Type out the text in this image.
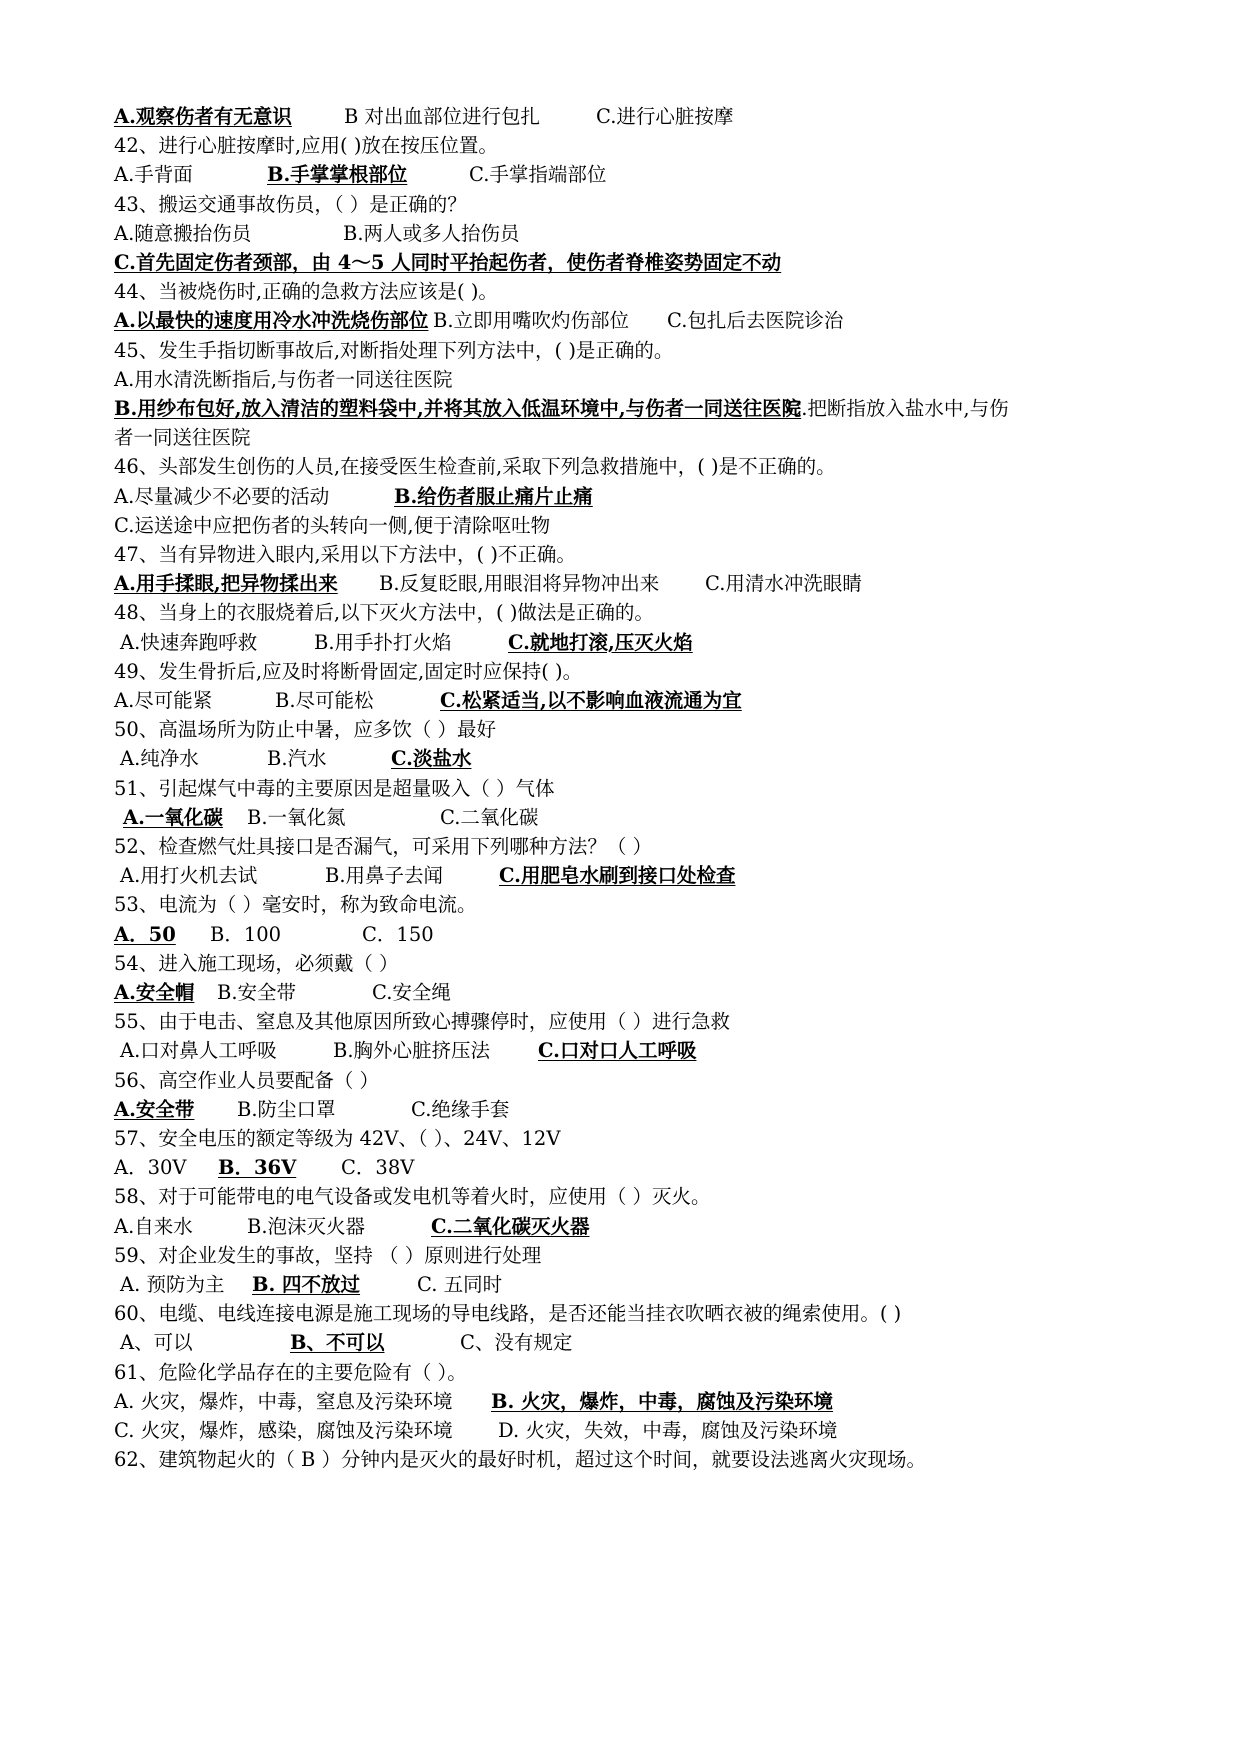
A.观察伤者有无意识	B 对出血部位进行包扎	C.进行心脏按摩
42、进行心脏按摩时,应用( )放在按压位置。
A.手背面	B.手掌掌根部位	C.手掌指端部位
43、搬运交通事故伤员，（ ）是正确的？
A.随意搬抬伤员	B.两人或多人抬伤员
C.首先固定伤者颈部，由 4～5 人同时平抬起伤者，使伤者脊椎姿势固定不动
44、当被烧伤时,正确的急救方法应该是( )。
A.以最快的速度用冷水冲洗烧伤部位 B.立即用嘴吹灼伤部位 C.包扎后去医院诊治
45、发生手指切断事故后,对断指处理下列方法中，( )是正确的。
A.用水清洗断指后,与伤者一同送往医院
B.用纱布包好,放入清洁的塑料袋中,并将其放入低温环境中,与伤者一同送往医院
C.把断指放入盐水中,与伤
者一同送往医院
46、头部发生创伤的人员,在接受医生检查前,采取下列急救措施中，( )是不正确的。
A.尽量减少不必要的活动	B.给伤者服止痛片止痛
C.运送途中应把伤者的头转向一侧,便于清除呕吐物
47、当有异物进入眼内,采用以下方法中，( )不正确。
A.用手揉眼,把异物揉出来 B.反复眨眼,用眼泪将异物冲出来 C.用清水冲洗眼睛
48、当身上的衣服烧着后,以下灭火方法中，( )做法是正确的。
A.快速奔跑呼救	B.用手扑打火焰	C.就地打滚,压灭火焰
49、发生骨折后,应及时将断骨固定,固定时应保持( )。
A.尽可能紧	B.尽可能松	C.松紧适当,以不影响血液流通为宜
50、高温场所为防止中暑，应多饮（ ）最好
A.纯净水	B.汽水	C.淡盐水
51、引起煤气中毒的主要原因是超量吸入（ ）气体
A.一氧化碳 B.一氧化氮	C.二氧化碳
52、检查燃气灶具接口是否漏气，可采用下列哪种方法？（ ）
A.用打火机去试	B.用鼻子去闻	C.用肥皂水刷到接口处检查
53、电流为（ ）毫安时，称为致命电流。
A．50 B．100	C．150
54、进入施工现场，必须戴（ ）
A.安全帽 B.安全带	C.安全绳
55、由于电击、窒息及其他原因所致心搏骤停时，应使用（ ）进行急救
A.口对鼻人工呼吸	B.胸外心脏挤压法 C.口对口人工呼吸
56、高空作业人员要配备（ ）
A.安全带 B.防尘口罩	C.绝缘手套
57、安全电压的额定等级为 42V、（ ）、24V、12V
A．30V B．36V C．38V
58、对于可能带电的电气设备或发电机等着火时，应使用（ ）灭火。
A.自来水	B.泡沫灭火器	C.二氧化碳灭火器
59、对企业发生的事故，坚持 （ ）原则进行处理
A. 预防为主 B. 四不放过	C. 五同时
60、电缆、电线连接电源是施工现场的导电线路，是否还能当挂衣吹晒衣被的绳索使用。( )
A、可以	B、不可以	C、没有规定
61、危险化学品存在的主要危险有（ ）。
A. 火灾，爆炸，中毒，窒息及污染环境 B. 火灾，爆炸，中毒，腐蚀及污染环境
C. 火灾，爆炸，感染，腐蚀及污染环境 D. 火灾，失效，中毒，腐蚀及污染环境
62、建筑物起火的（ B ）分钟内是灭火的最好时机，超过这个时间，就要设法逃离火灾现场。
